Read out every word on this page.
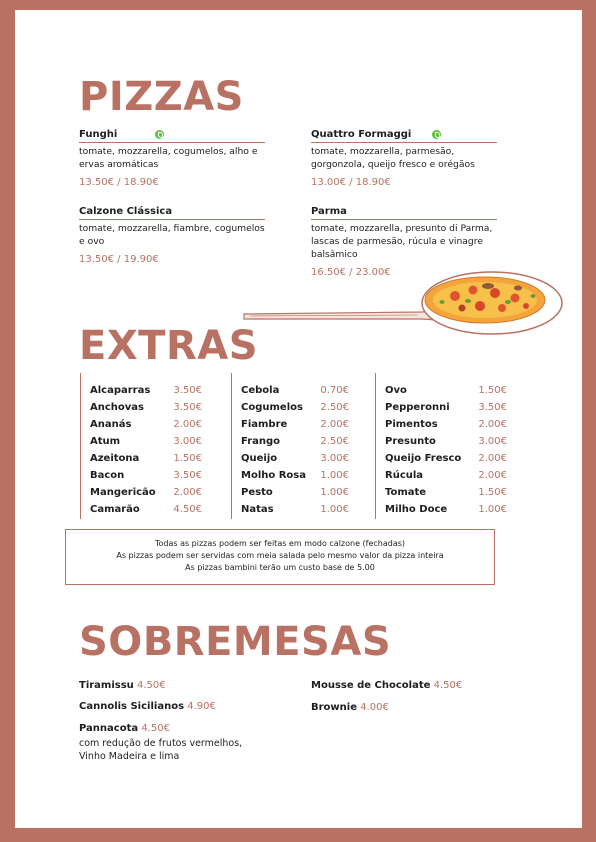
PIZZAS
Funghi
tomate, mozzarella, cogumelos, alho e ervas aromáticas
13.50€ / 18.90€
Quattro Formaggi
tomate, mozzarella, parmesão, gorgonzola, queijo fresco e orégãos
13.00€ / 18.90€
Calzone Clássica
tomate, mozzarella, fiambre, cogumelos e ovo
13.50€ / 19.90€
Parma
tomate, mozzarella, presunto di Parma, lascas de parmesão, rúcula e vinagre balsâmico
16.50€ / 23.00€
EXTRAS
Alcaparras 3.50€
Anchovas	3.50€
Ananás	2.00€
Atum	3.00€
Azeitona	1.50€
Bacon	3.50€
Mangericão 2.00€
Camarão	4.50€
Cebola	0.70€
Cogumelos 2.50€
Fiambre	2.00€
Frango	2.50€
Queijo	3.00€
Molho Rosa 1.00€
Pesto	1.00€
Natas	1.00€
Ovo	1.50€
Pepperonni	3.50€
Pimentos	2.00€
Presunto	3.00€
Queijo Fresco 2.00€
Rúcula	2.00€
Tomate	1.50€
Milho Doce	1.00€
Todas as pizzas podem ser feitas em modo calzone (fechadas)
As pizzas podem ser servidas com meia salada pelo mesmo valor da pizza inteira
As pizzas bambini terão um custo base de 5.00
SOBREMESAS
Tiramissu 4.50€	Mousse de Chocolate 4.50€
Cannolis Sicilianos 4.90€	Brownie 4.00€
Pannacota 4.50€
com redução de frutos vermelhos, Vinho Madeira e lima
